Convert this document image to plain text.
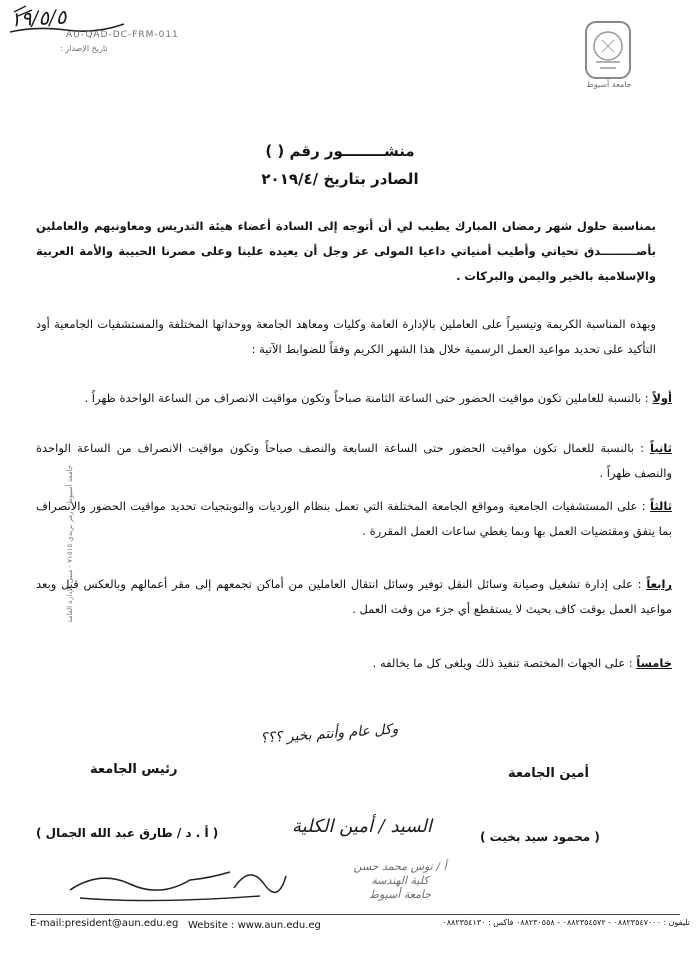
١٩/٥/٥
AU-QAD-DC-FRM-011
تاريخ الإصدار :
جامعة أسيوط
منشــــــــور رقم ( )
الصادر بتاريخ /٢٠١٩/٤
بمناسبة حلول شهر رمضان المبارك يطيب لي أن أتوجه إلى السادة أعضاء هيئة التدريس ومعاونيهم والعاملين بأصـــــــــدق تحياتي وأطيب أمنياتي داعيا المولى عز وجل أن يعيده علينا وعلى مصرنا الحبيبة والأمة العربية والإسلامية بالخير واليمن والبركات .
وبهذه المناسبة الكريمة وتيسيراً على العاملين بالإدارة العامة وكليات ومعاهد الجامعة ووحداتها المختلفة والمستشفيات الجامعية أود التأكيد على تحديد مواعيد العمل الرسمية خلال هذا الشهر الكريم وفقاً للضوابط الآتية :
أولاً : بالنسبة للعاملين تكون مواقيت الحضور حتى الساعة الثامنة صباحاً وتكون مواقيت الانصراف من الساعة الواحدة ظهراً .
ثانياً : بالنسبة للعمال تكون مواقيت الحضور حتى الساعة السابعة والنصف صباحاً وتكون مواقيت الانصراف من الساعة الواحدة والنصف ظهراً .
ثالثاً : على المستشفيات الجامعية ومواقع الجامعة المختلفة التي تعمل بنظام الورديات والنوبتجيات تحديد مواقيت الحضور والانصراف بما يتفق ومقتضيات العمل بها وبما يغطي ساعات العمل المقررة .
رابعاً : على إدارة تشغيل وصيانة وسائل النقل توفير وسائل انتقال العاملين من أماكن تجمعهم إلى مقر أعمالهم وبالعكس قبل وبعد مواعيد العمل بوقت كاف بحيث لا يستقطع أي جزء من وقت العمل .
خامساً : على الجهات المختصة تنفيذ ذلك ويلغى كل ما يخالفه .
وكل عام وأنتم بخير ؟؟؟
رئيس الجامعة	أمين الجامعة
( أ . د / طارق عبد الله الجمال )	( محمود سيد بخيت )
السيد / أمين الكلية
أ / نوس محمد حسن
كلية الهندسة
جامعة أسيوط
E-mail:president@aun.edu.eg Website : www.aun.edu.eg	تليفون : ٠٨٨٢٣٥٤٧٠٠٠ - ٠٨٨٢٣٥٤٥٧٢ - ٠٨٨٢٣٠٥٥٨ فاكس : ٠٨٨٢٣٥٤١٣٠
جامعة أسيوط - رمز بريدي ٧١٥١٥ - مبنى الإدارة العامة
